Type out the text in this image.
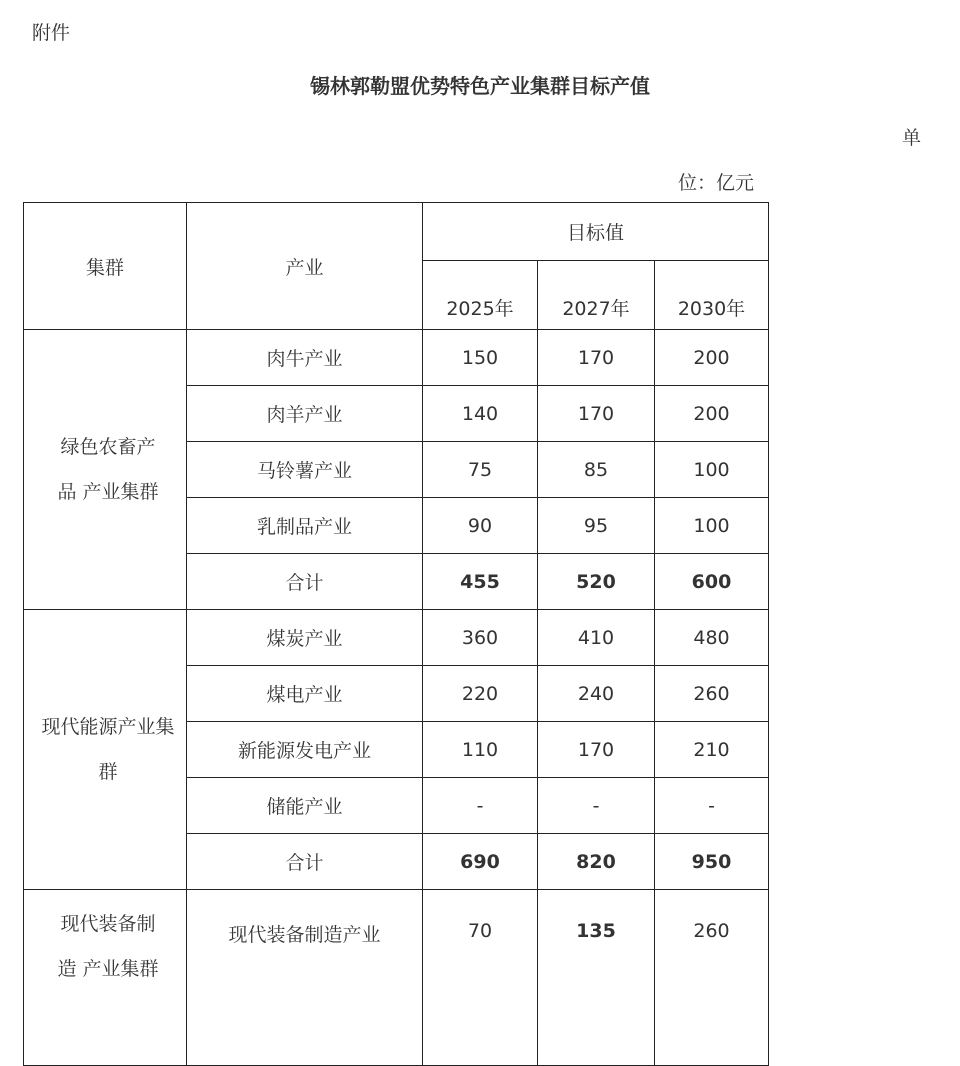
附件
锡林郭勒盟优势特色产业集群目标产值
单
位：亿元
集群	产业	目标值		
		2025年	2027年	2030年
绿色农畜产品 产业集群	肉牛产业	150	170	200
	肉羊产业	140	170	200
	马铃薯产业	75	85	100
	乳制品产业	90	95	100
	合计	455	520	600
现代能源产业集群	煤炭产业	360	410	480
	煤电产业	220	240	260
	新能源发电产业	110	170	210
	储能产业	-	-	-
	合计	690	820	950
现代装备制造 产业集群	现代装备制造产业	70	135	260
